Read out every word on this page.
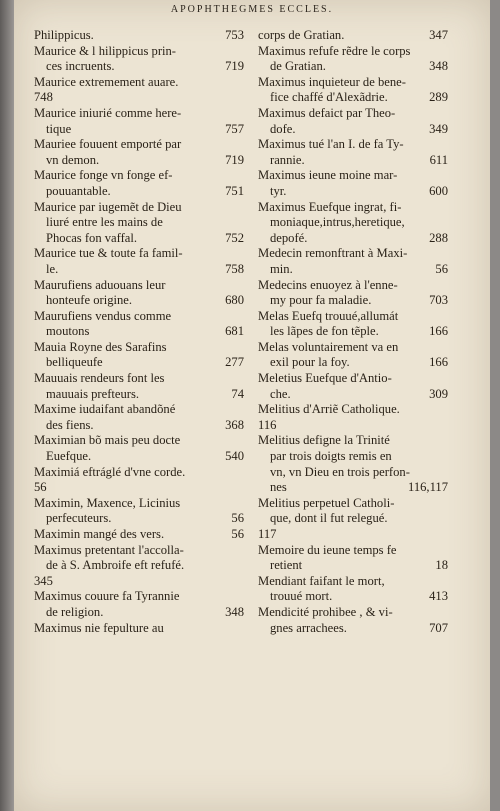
APOPHTHEGMES ECCLES.
753
Philippicus.
Maurice & l hilippicus prin-
719
ces incruents.
Maurice extremement auare.
748
Maurice iniurié comme here-
757
tique
Mauriee fouuent emporté par
719
vn demon.
Maurice fonge vn fonge ef-
751
pouuantable.
Maurice par iugemẽt de Dieu
liuré entre les mains de
752
Phocas fon vaffal.
Maurice tue & toute fa famil-
758
le.
Maurufiens aduouans leur
680
honteufe origine.
Maurufiens vendus comme
681
moutons
Mauia Royne des Sarafins
277
belliqueufe
Mauuais rendeurs font les
74
mauuais prefteurs.
Maxime iudaifant abandõné
368
des fiens.
Maximian bõ mais peu docte
540
Euefque.
Maximiá eftráglé d'vne corde.
56
Maximin, Maxence, Licinius
56
perfecuteurs.
56
Maximin mangé des vers.
Maximus pretentant l'accolla-
de à S. Ambroife eft refufé.
345
Maximus couure fa Tyrannie
348
de religion.
Maximus nie fepulture au
347
corps de Gratian.
Maximus refufe rẽdre le corps
348
de Gratian.
Maximus inquieteur de bene-
289
fice chaffé d'Alexãdrie.
Maximus defaict par Theo-
349
dofe.
Maximus tué l'an I. de fa Ty-
611
rannie.
Maximus ieune moine mar-
600
tyr.
Maximus Euefque ingrat, fi-
moniaque,intrus,heretique,
288
depofé.
Medecin remonftrant à Maxi-
56
min.
Medecins enuoyez à l'enne-
703
my pour fa maladie.
Melas Euefq trouué,allumát
166
les lãpes de fon tẽple.
Melas voluntairement va en
166
exil pour la foy.
Meletius Euefque d'Antio-
309
che.
Melitius d'Arriẽ Catholique.
116
Melitius defigne la Trinité
par trois doigts remis en
vn, vn Dieu en trois perfon-
116,117
nes
Melitius perpetuel Catholi-
que, dont il fut relegué.
117
Memoire du ieune temps fe
18
retient
Mendiant faifant le mort,
413
trouué mort.
Mendicité prohibee , & vi-
707
gnes arrachees.
